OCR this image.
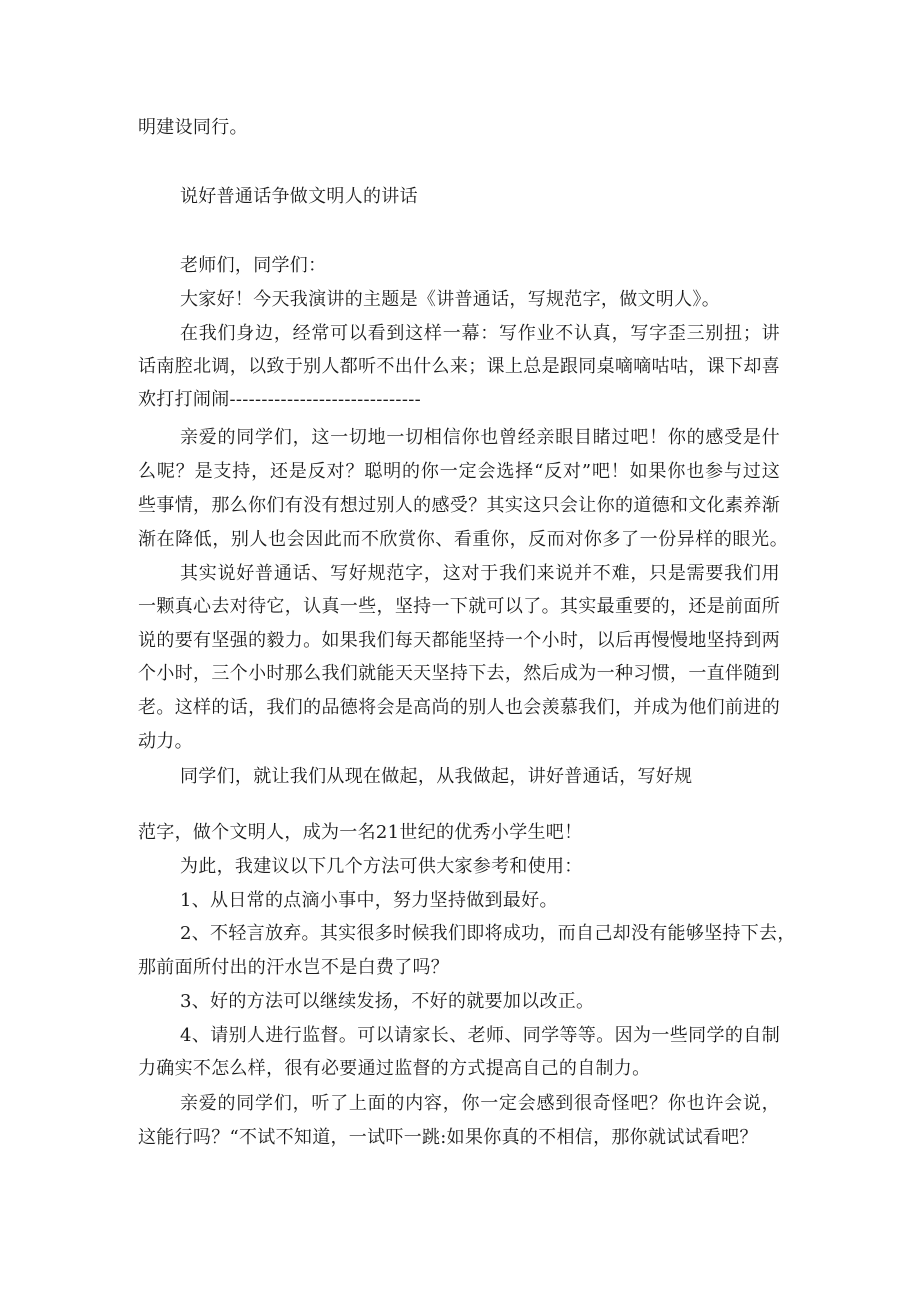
明建设同行。
说好普通话争做文明人的讲话
老师们，同学们：
大家好！今天我演讲的主题是《讲普通话，写规范字，做文明人》。
在我们身边，经常可以看到这样一幕：写作业不认真，写字歪三别扭；讲
话南腔北调，以致于别人都听不出什么来；课上总是跟同桌嘀嘀咕咕，课下却喜
欢打打闹闹------------------------------
亲爱的同学们，这一切地一切相信你也曾经亲眼目睹过吧！你的感受是什
么呢？是支持，还是反对？聪明的你一定会选择“反对”吧！如果你也参与过这
些事情，那么你们有没有想过别人的感受？其实这只会让你的道德和文化素养渐
渐在降低，别人也会因此而不欣赏你、看重你，反而对你多了一份异样的眼光。
其实说好普通话、写好规范字，这对于我们来说并不难，只是需要我们用
一颗真心去对待它，认真一些，坚持一下就可以了。其实最重要的，还是前面所
说的要有坚强的毅力。如果我们每天都能坚持一个小时，以后再慢慢地坚持到两
个小时，三个小时那么我们就能天天坚持下去，然后成为一种习惯，一直伴随到
老。这样的话，我们的品德将会是高尚的别人也会羡慕我们，并成为他们前进的
动力。
同学们，就让我们从现在做起，从我做起，讲好普通话，写好规
范字，做个文明人，成为一名21世纪的优秀小学生吧！
为此，我建议以下几个方法可供大家参考和使用：
1、从日常的点滴小事中，努力坚持做到最好。
2、不轻言放弃。其实很多时候我们即将成功，而自己却没有能够坚持下去，
那前面所付出的汗水岂不是白费了吗？
3、好的方法可以继续发扬，不好的就要加以改正。
4、请别人进行监督。可以请家长、老师、同学等等。因为一些同学的自制
力确实不怎么样，很有必要通过监督的方式提高自己的自制力。
亲爱的同学们，听了上面的内容，你一定会感到很奇怪吧？你也许会说，
这能行吗？“不试不知道，一试吓一跳:如果你真的不相信，那你就试试看吧？
